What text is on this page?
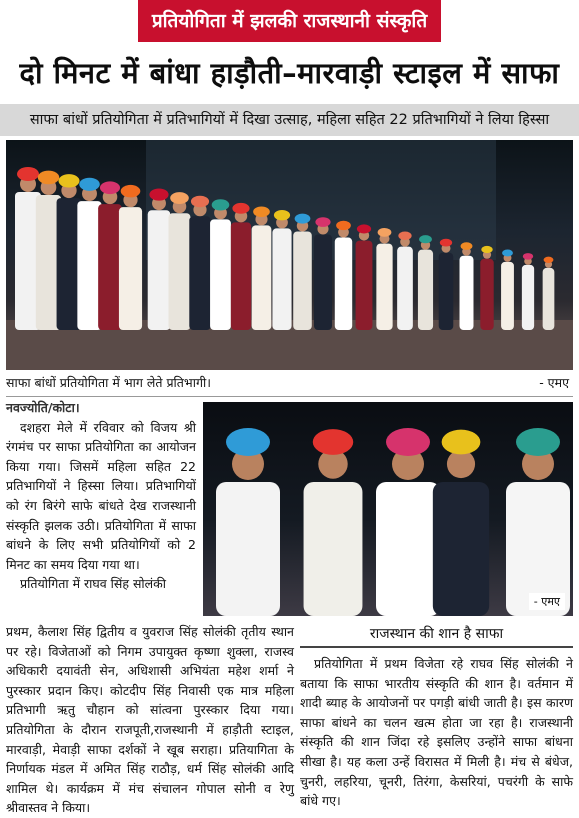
प्रतियोगिता में झलकी राजस्थानी संस्कृति
दो मिनट में बांधा हाड़ौती–मारवाड़ी स्टाइल में साफा
साफा बांधों प्रतियोगिता में प्रतिभागियों में दिखा उत्साह, महिला सहित 22 प्रतिभागियों ने लिया हिस्सा
साफा बांधों प्रतियोगिता में भाग लेते प्रतिभागी।	- एमए
नवज्योति/कोटा।

दशहरा मेले में रविवार को विजय श्री रंगमंच पर साफा प्रतियोगिता का आयोजन किया गया। जिसमें महिला सहित 22 प्रतिभागियों ने हिस्सा लिया। प्रतिभागियों को रंग बिरंगे साफे बांधते देख राजस्थानी संस्कृति झलक उठी। प्रतियोगिता में साफा बांधने के लिए सभी प्रतियोगियों को 2 मिनट का समय दिया गया था।

प्रतियोगिता में राघव सिंह सोलंकी

- एमए
राजस्थान की शान है साफा

प्रथम, कैलाश सिंह द्वितीय व युवराज सिंह सोलंकी तृतीय स्थान पर रहे। विजेताओं को निगम उपायुक्त कृष्णा शुक्ला, राजस्व अधिकारी दयावंती सेन, अधिशासी अभियंता महेश शर्मा ने पुरस्कार प्रदान किए। कोटदीप सिंह निवासी एक मात्र महिला प्रतिभागी ऋतु चौहान को सांत्वना पुरस्कार दिया गया। प्रतियोगिता के दौरान राजपूती,राजस्थानी में हाड़ौती स्टाइल, मारवाड़ी, मेवाड़ी साफा दर्शकों ने खूब सराहा। प्रतियागिता के निर्णायक मंडल में अमित सिंह राठौड़, धर्म सिंह सोलंकी आदि शामिल थे। कार्यक्रम में मंच संचालन गोपाल सोनी व रेणु श्रीवास्तव ने किया।

प्रतियोगिता में प्रथम विजेता रहे राघव सिंह सोलंकी ने बताया कि साफा भारतीय संस्कृति की शान है। वर्तमान में शादी ब्याह के आयोजनों पर पगड़ी बांधी जाती है। इस कारण साफा बांधने का चलन खत्म होता जा रहा है। राजस्थानी संस्कृति की शान जिंदा रहे इसलिए उन्होंने साफा बांधना सीखा है। यह कला उन्हें विरासत में मिली है। मंच से बंधेज, चुनरी, लहरिया, चूनरी, तिरंगा, केसरियां, पचरंगी के साफे बांधे गए।
